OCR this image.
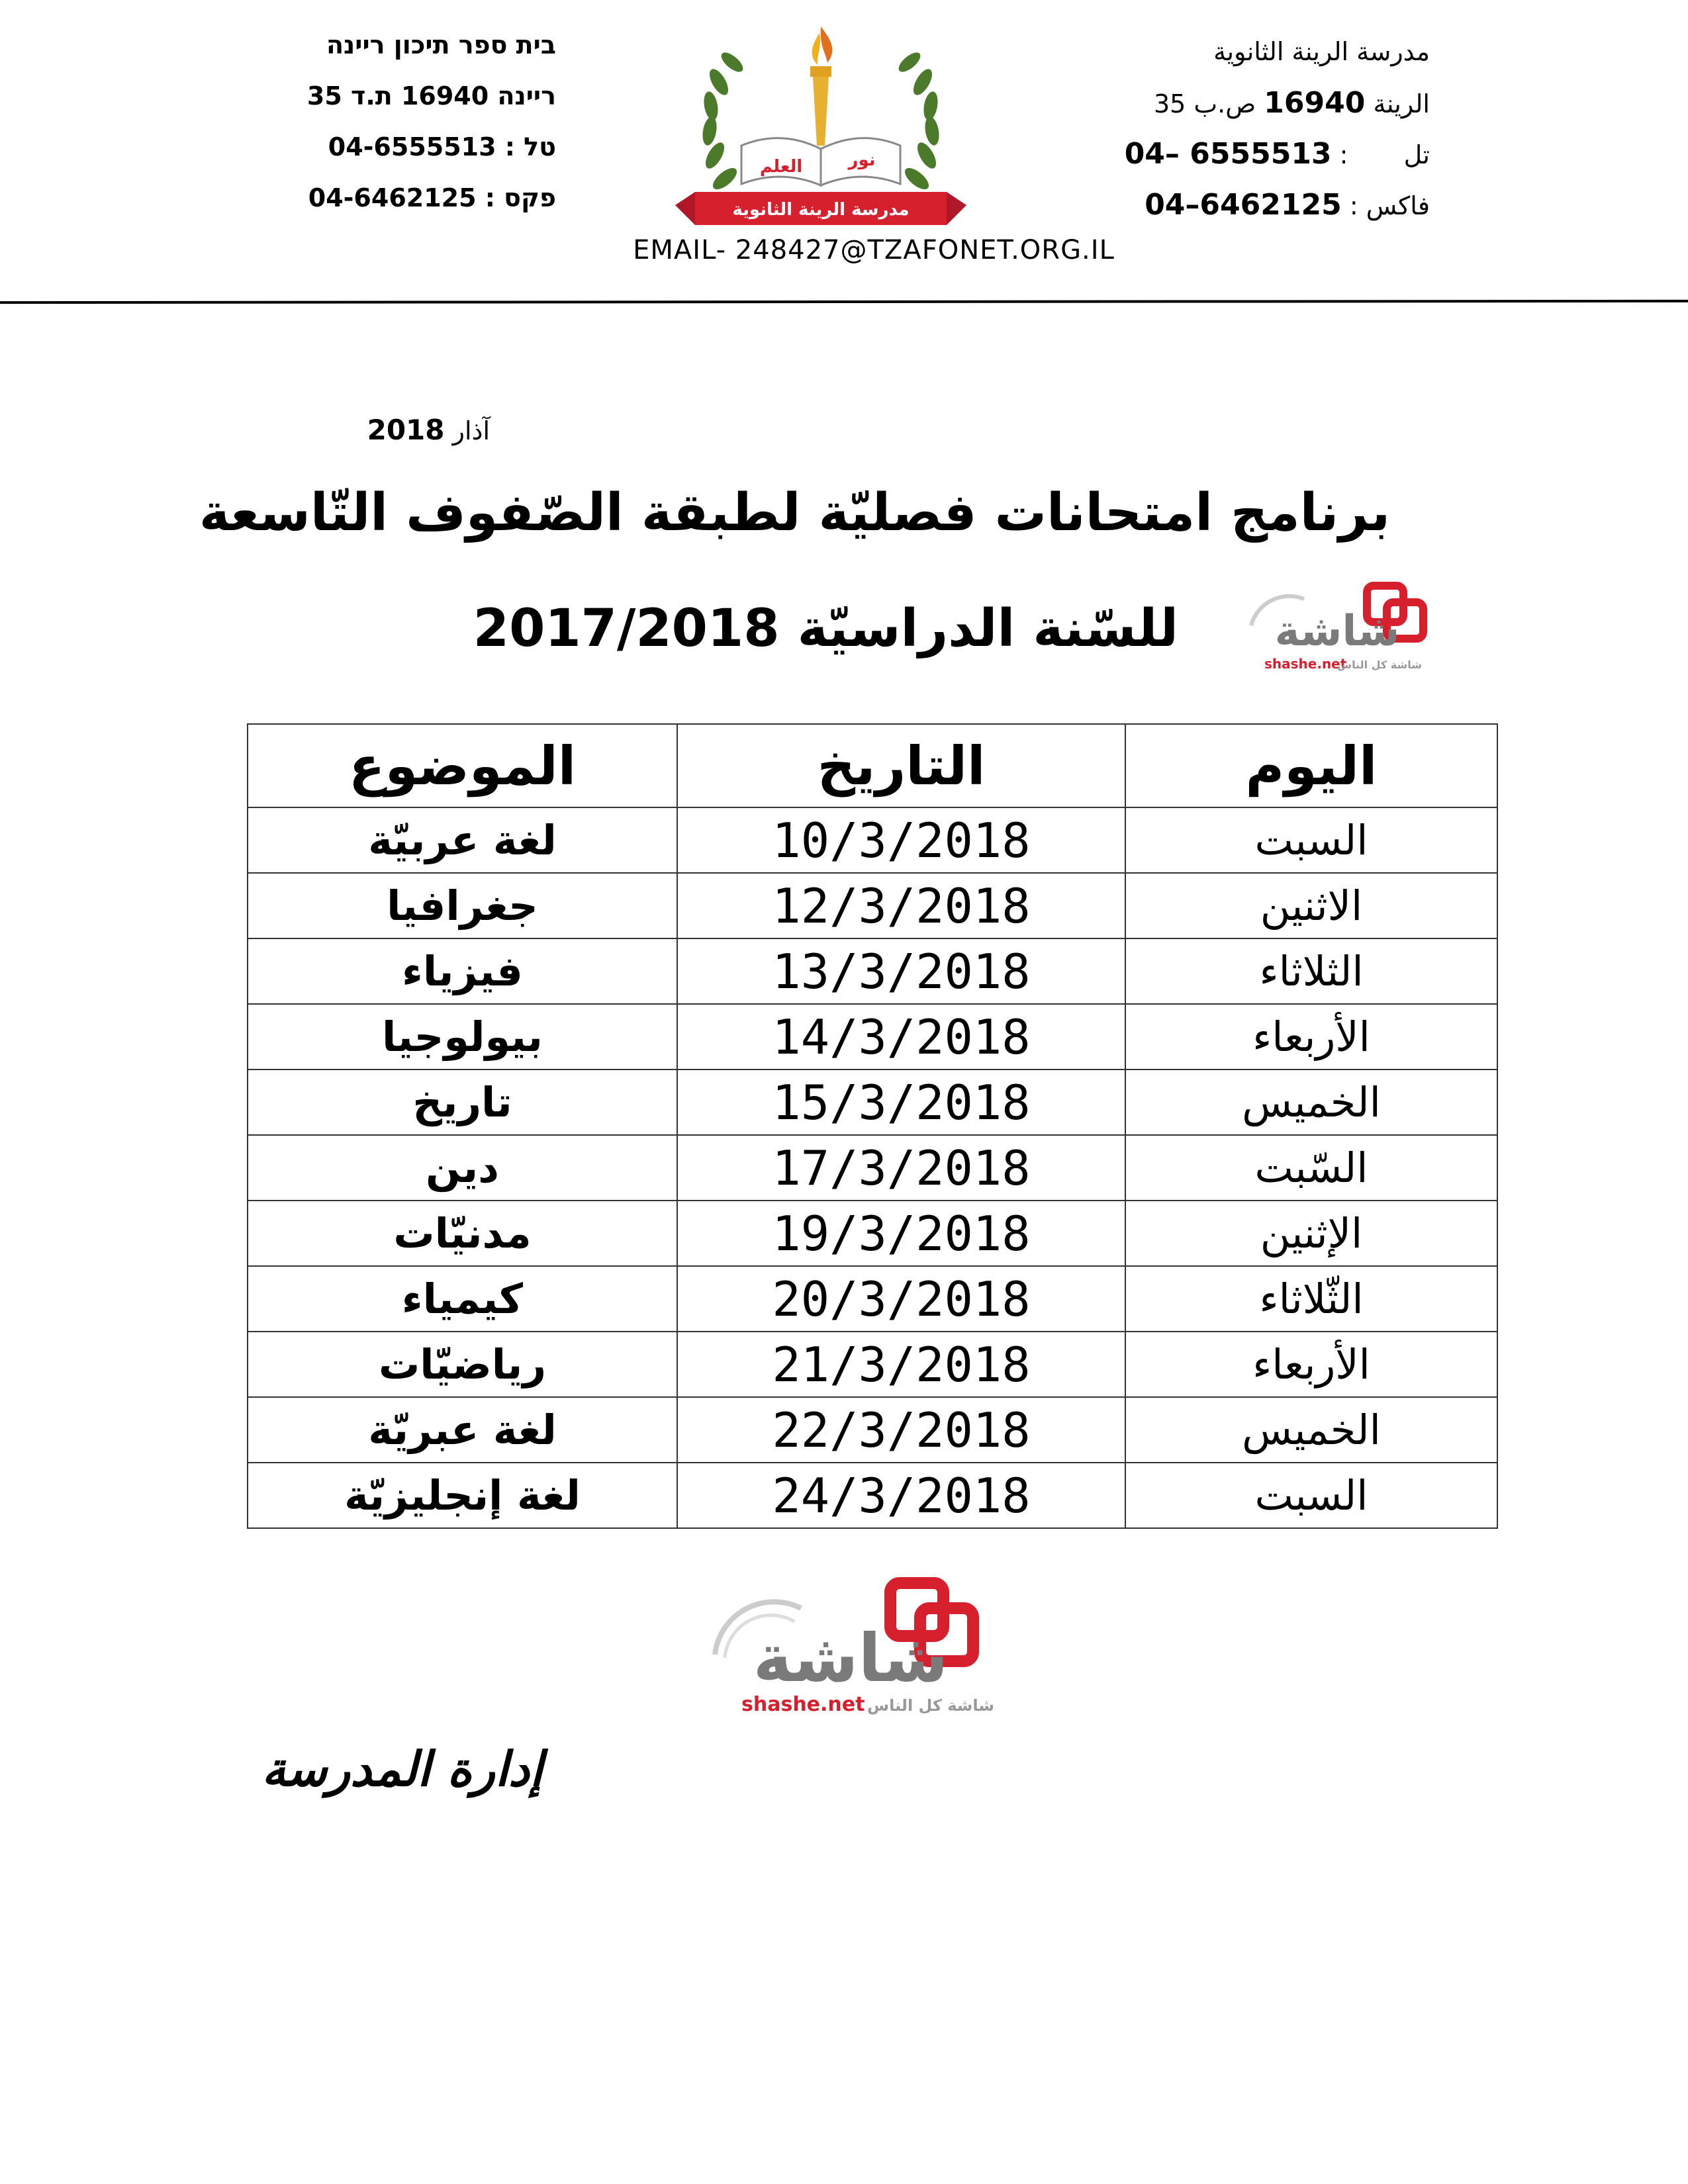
בית ספר תיכון ריינה
ריינה 16940 ת.ד 35
טל : 04-6555513
פקס : 04-6462125
العلم	نور
مدرسة الرينة الثانوية
مدرسة الرينة الثانوية
الرينة 16940 ص.ب 35
تل  : 04– 6555513
فاكس : 04–6462125
EMAIL- 248427@TZAFONET.ORG.IL
آذار 2018
برنامج امتحانات فصليّة لطبقة الصّفوف التّاسعة
للسّنة الدراسيّة 2017/2018 شاشة
shashe.net
شاشة كل الناس
اليوم	التاريخ	الموضوع
السبت	10/3/2018	لغة عربيّة
الاثنين	12/3/2018	جغرافيا
الثلاثاء	13/3/2018	فيزياء
الأربعاء	14/3/2018	بيولوجيا
الخميس	15/3/2018	تاريخ
السّبت	17/3/2018	دين
الإثنين	19/3/2018	مدنيّات
الثّلاثاء	20/3/2018	كيمياء
الأربعاء	21/3/2018	رياضيّات
الخميس	22/3/2018	لغة عبريّة
السبت	24/3/2018	لغة إنجليزيّة
شاشة
shashe.net شاشة كل الناس
إدارة المدرسة
